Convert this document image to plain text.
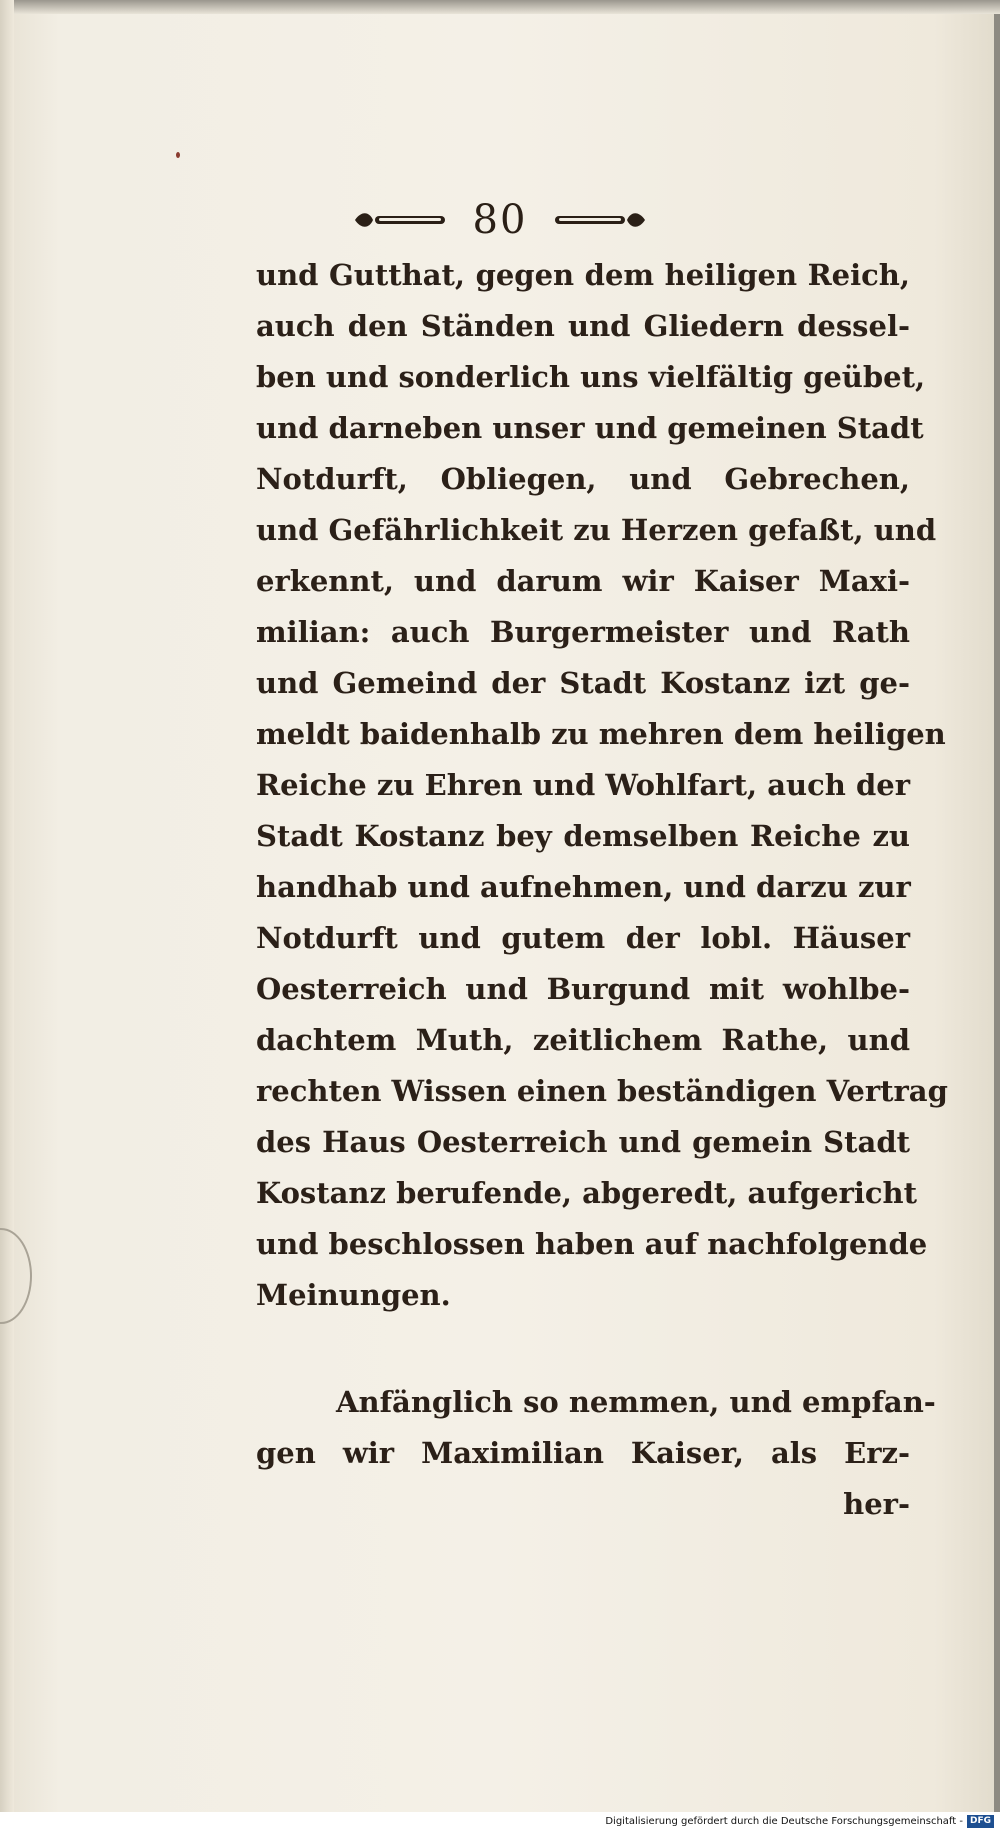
80
und Gutthat, gegen dem heiligen Reich,
auch den Ständen und Gliedern dessel-
ben und sonderlich uns vielfältig geübet,
und darneben unser und gemeinen Stadt
Notdurft, Obliegen, und Gebrechen,
und Gefährlichkeit zu Herzen gefaßt, und
erkennt, und darum wir Kaiser Maxi-
milian: auch Burgermeister und Rath
und Gemeind der Stadt Kostanz izt ge-
meldt baidenhalb zu mehren dem heiligen
Reiche zu Ehren und Wohlfart, auch der
Stadt Kostanz bey demselben Reiche zu
handhab und aufnehmen, und darzu zur
Notdurft und gutem der lobl. Häuser
Oesterreich und Burgund mit wohlbe-
dachtem Muth, zeitlichem Rathe, und
rechten Wissen einen beständigen Vertrag
des Haus Oesterreich und gemein Stadt
Kostanz berufende, abgeredt, aufgericht
und beschlossen haben auf nachfolgende
Meinungen.
Anfänglich so nemmen, und empfan-
gen wir Maximilian Kaiser, als Erz-
her-
Digitalisierung gefördert durch die Deutsche Forschungsgemeinschaft - DFG
